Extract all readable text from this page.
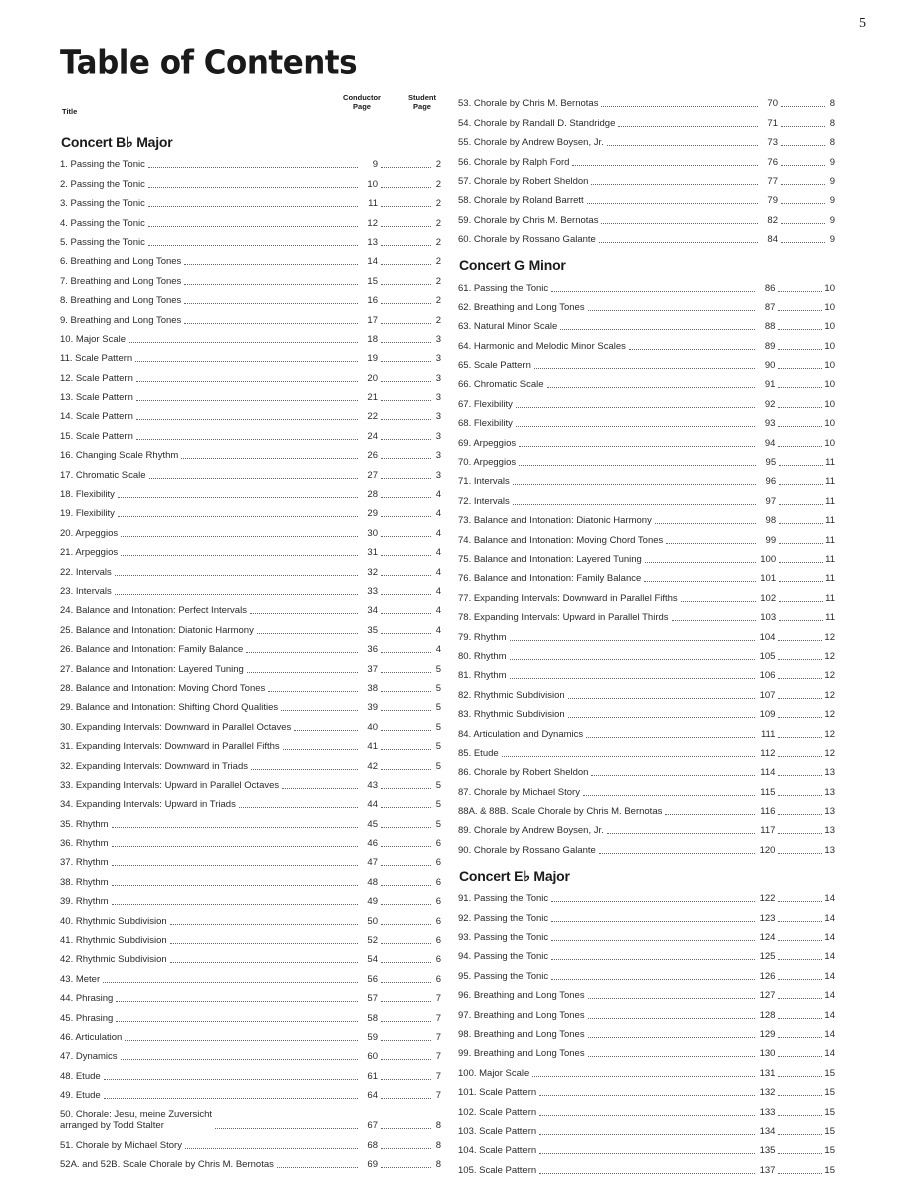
5
Table of Contents
Title
Conductor
Page
Student
Page
Concert B♭ Major
1. Passing the Tonic	9	2
2. Passing the Tonic	10	2
3. Passing the Tonic	11	2
4. Passing the Tonic	12	2
5. Passing the Tonic	13	2
6. Breathing and Long Tones	14	2
7. Breathing and Long Tones	15	2
8. Breathing and Long Tones	16	2
9. Breathing and Long Tones	17	2
10. Major Scale	18	3
11. Scale Pattern	19	3
12. Scale Pattern	20	3
13. Scale Pattern	21	3
14. Scale Pattern	22	3
15. Scale Pattern	24	3
16. Changing Scale Rhythm	26	3
17. Chromatic Scale	27	3
18. Flexibility	28	4
19. Flexibility	29	4
20. Arpeggios	30	4
21. Arpeggios	31	4
22. Intervals	32	4
23. Intervals	33	4
24. Balance and Intonation: Perfect Intervals	34	4
25. Balance and Intonation: Diatonic Harmony	35	4
26. Balance and Intonation: Family Balance	36	4
27. Balance and Intonation: Layered Tuning	37	5
28. Balance and Intonation: Moving Chord Tones	38	5
29. Balance and Intonation: Shifting Chord Qualities	39	5
30. Expanding Intervals: Downward in Parallel Octaves	40	5
31. Expanding Intervals: Downward in Parallel Fifths	41	5
32. Expanding Intervals: Downward in Triads	42	5
33. Expanding Intervals: Upward in Parallel Octaves	43	5
34. Expanding Intervals: Upward in Triads	44	5
35. Rhythm	45	5
36. Rhythm	46	6
37. Rhythm	47	6
38. Rhythm	48	6
39. Rhythm	49	6
40. Rhythmic Subdivision	50	6
41. Rhythmic Subdivision	52	6
42. Rhythmic Subdivision	54	6
43. Meter	56	6
44. Phrasing	57	7
45. Phrasing	58	7
46. Articulation	59	7
47. Dynamics	60	7
48. Etude	61	7
49. Etude	64	7
50. Chorale: Jesu, meine Zuversicht
arranged by Todd Stalter	67	8
51. Chorale by Michael Story	68	8
52A. and 52B. Scale Chorale by Chris M. Bernotas	69	8
53. Chorale by Chris M. Bernotas	70	8
54. Chorale by Randall D. Standridge	71	8
55. Chorale by Andrew Boysen, Jr.	73	8
56. Chorale by Ralph Ford	76	9
57. Chorale by Robert Sheldon	77	9
58. Chorale by Roland Barrett	79	9
59. Chorale by Chris M. Bernotas	82	9
60. Chorale by Rossano Galante	84	9
Concert G Minor
61. Passing the Tonic	86	10
62. Breathing and Long Tones	87	10
63. Natural Minor Scale	88	10
64. Harmonic and Melodic Minor Scales	89	10
65. Scale Pattern	90	10
66. Chromatic Scale	91	10
67. Flexibility	92	10
68. Flexibility	93	10
69. Arpeggios	94	10
70. Arpeggios	95	11
71. Intervals	96	11
72. Intervals	97	11
73. Balance and Intonation: Diatonic Harmony	98	11
74. Balance and Intonation: Moving Chord Tones	99	11
75. Balance and Intonation: Layered Tuning	100	11
76. Balance and Intonation: Family Balance	101	11
77. Expanding Intervals: Downward in Parallel Fifths	102	11
78. Expanding Intervals: Upward in Parallel Thirds	103	11
79. Rhythm	104	12
80. Rhythm	105	12
81. Rhythm	106	12
82. Rhythmic Subdivision	107	12
83. Rhythmic Subdivision	109	12
84. Articulation and Dynamics	111	12
85. Etude	112	12
86. Chorale by Robert Sheldon	114	13
87. Chorale by Michael Story	115	13
88A. & 88B. Scale Chorale by Chris M. Bernotas	116	13
89. Chorale by Andrew Boysen, Jr.	117	13
90. Chorale by Rossano Galante	120	13
Concert E♭ Major
91. Passing the Tonic	122	14
92. Passing the Tonic	123	14
93. Passing the Tonic	124	14
94. Passing the Tonic	125	14
95. Passing the Tonic	126	14
96. Breathing and Long Tones	127	14
97. Breathing and Long Tones	128	14
98. Breathing and Long Tones	129	14
99. Breathing and Long Tones	130	14
100. Major Scale	131	15
101. Scale Pattern	132	15
102. Scale Pattern	133	15
103. Scale Pattern	134	15
104. Scale Pattern	135	15
105. Scale Pattern	137	15
